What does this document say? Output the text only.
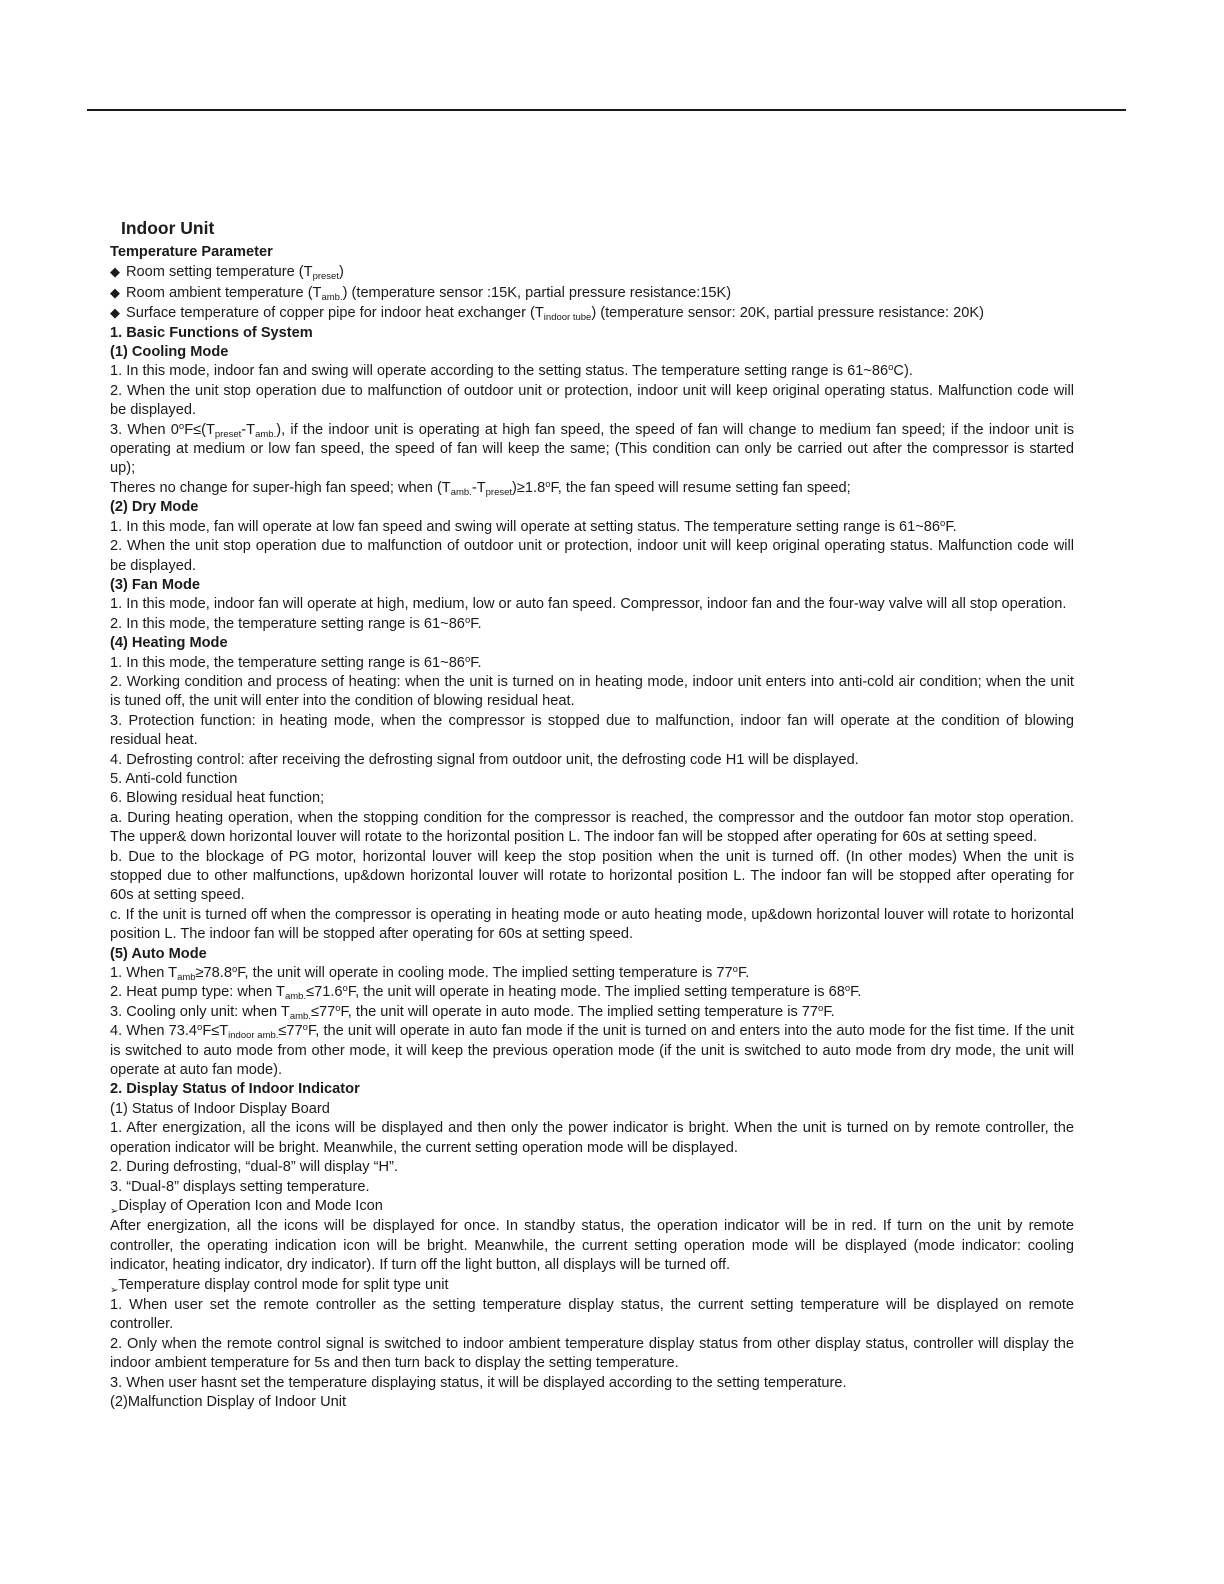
Indoor Unit
Temperature Parameter
◆ Room setting temperature $(T_{preset})$
◆ Room ambient temperature $(T_{amb.})$ (temperature sensor :15K, partial pressure resistance:15K)
◆ Surface temperature of copper pipe for indoor heat exchanger $(T_{indoor tube})$ (temperature sensor: 20K, partial pressure resistance: 20K)
1. Basic Functions of System
(1) Cooling Mode
1. In this mode, indoor fan and swing will operate according to the setting status. The temperature setting range is 61~86$^o$C).
2. When the unit stop operation due to malfunction of outdoor unit or protection, indoor unit will keep original operating status. Malfunction code will be displayed.
3. When $0^oF\le(T_{preset}-T_{amb.})$, if the indoor unit is operating at high fan speed, the speed of fan will change to medium fan speed; if the indoor unit is operating at medium or low fan speed, the speed of fan will keep the same; (This condition can only be carried out after the compressor is started up);
Theres no change for super-high fan speed; when $(T_{amb.}-T_{preset})\ge 1.8^oF$, the fan speed will resume setting fan speed;
(2) Dry Mode
1. In this mode, fan will operate at low fan speed and swing will operate at setting status. The temperature setting range is 61~86$^o$F.
2. When the unit stop operation due to malfunction of outdoor unit or protection, indoor unit will keep original operating status. Malfunction code will be displayed.
(3) Fan Mode
1. In this mode, indoor fan will operate at high, medium, low or auto fan speed. Compressor, indoor fan and the four-way valve will all stop operation.
2. In this mode, the temperature setting range is 61~86$^o$F.
(4) Heating Mode
1. In this mode, the temperature setting range is 61~86$^o$F.
2. Working condition and process of heating: when the unit is turned on in heating mode, indoor unit enters into anti-cold air condition; when the unit is tuned off, the unit will enter into the condition of blowing residual heat.
3. Protection function: in heating mode, when the compressor is stopped due to malfunction, indoor fan will operate at the condition of blowing residual heat.
4. Defrosting control: after receiving the defrosting signal from outdoor unit, the defrosting code H1 will be displayed.
5. Anti-cold function
6. Blowing residual heat function;
a. During heating operation, when the stopping condition for the compressor is reached, the compressor and the outdoor fan motor stop operation. The upper& down horizontal louver will rotate to the horizontal position L. The indoor fan will be stopped after operating for 60s at setting speed.
b. Due to the blockage of PG motor, horizontal louver will keep the stop position when the unit is turned off. (In other modes) When the unit is stopped due to other malfunctions, up&down horizontal louver will rotate to horizontal position L. The indoor fan will be stopped after operating for 60s at setting speed.
c. If the unit is turned off when the compressor is operating in heating mode or auto heating mode, up&down horizontal louver will rotate to horizontal position L. The indoor fan will be stopped after operating for 60s at setting speed.
(5) Auto Mode
1. When $T_{amb}\ge 78.8^oF$, the unit will operate in cooling mode. The implied setting temperature is 77$^o$F.
2. Heat pump type: when $T_{amb.}\le 71.6^oF$, the unit will operate in heating mode. The implied setting temperature is 68$^o$F.
3. Cooling only unit: when $T_{amb.}\le 77^oF$, the unit will operate in auto mode. The implied setting temperature is 77$^o$F.
4. When $73.4^oF\le T_{indoor amb.}\le 77^oF$, the unit will operate in auto fan mode if the unit is turned on and enters into the auto mode for the fist time. If the unit is switched to auto mode from other mode, it will keep the previous operation mode (if the unit is switched to auto mode from dry mode, the unit will operate at auto fan mode).
2. Display Status of Indoor Indicator
(1) Status of Indoor Display Board
1. After energization, all the icons will be displayed and then only the power indicator is bright. When the unit is turned on by remote controller, the operation indicator will be bright. Meanwhile, the current setting operation mode will be displayed.
2. During defrosting, “dual-8” will display “H”.
3. “Dual-8” displays setting temperature.
➢ Display of Operation Icon and Mode Icon
After energization, all the icons will be displayed for once. In standby status, the operation indicator will be in red. If turn on the unit by remote controller, the operating indication icon will be bright. Meanwhile, the current setting operation mode will be displayed (mode indicator: cooling indicator, heating indicator, dry indicator). If turn off the light button, all displays will be turned off.
➢ Temperature display control mode for split type unit
1. When user set the remote controller as the setting temperature display status, the current setting temperature will be displayed on remote controller.
2. Only when the remote control signal is switched to indoor ambient temperature display status from other display status, controller will display the indoor ambient temperature for 5s and then turn back to display the setting temperature.
3. When user hasnt set the temperature displaying status, it will be displayed according to the setting temperature.
(2)Malfunction Display of Indoor Unit
